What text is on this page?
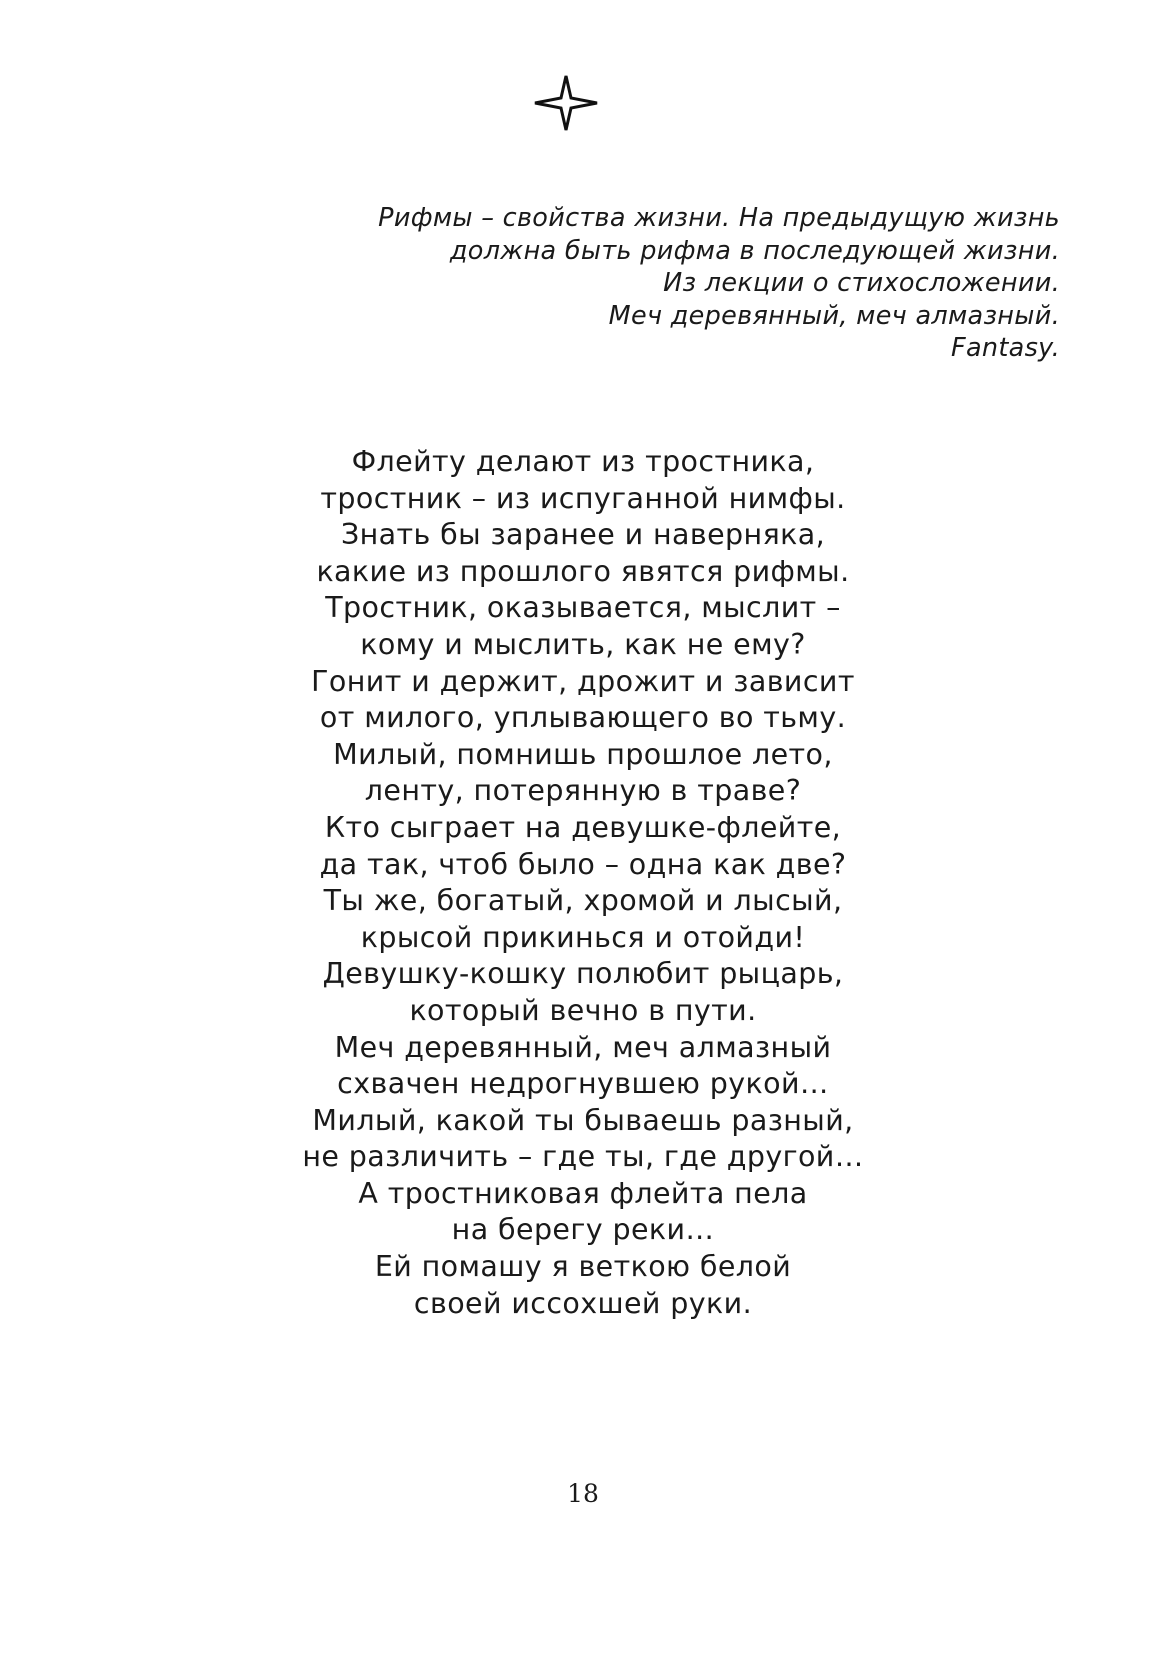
Рифмы – свойства жизни. На предыдущую жизнь
должна быть рифма в последующей жизни.
Из лекции о стихосложении.
Меч деревянный, меч алмазный.
Fantasy.
Флейту делают из тростника,
тростник – из испуганной нимфы.
Знать бы заранее и наверняка,
какие из прошлого явятся рифмы.
Тростник, оказывается, мыслит –
кому и мыслить, как не ему?
Гонит и держит, дрожит и зависит
от милого, уплывающего во тьму.
Милый, помнишь прошлое лето,
ленту, потерянную в траве?
Кто сыграет на девушке-флейте,
да так, чтоб было – одна как две?
Ты же, богатый, хромой и лысый,
крысой прикинься и отойди!
Девушку-кошку полюбит рыцарь,
который вечно в пути.
Меч деревянный, меч алмазный
схвачен недрогнувшею рукой…
Милый, какой ты бываешь разный,
не различить – где ты, где другой…
А тростниковая флейта пела
на берегу реки…
Ей помашу я веткою белой
своей иссохшей руки.
18
